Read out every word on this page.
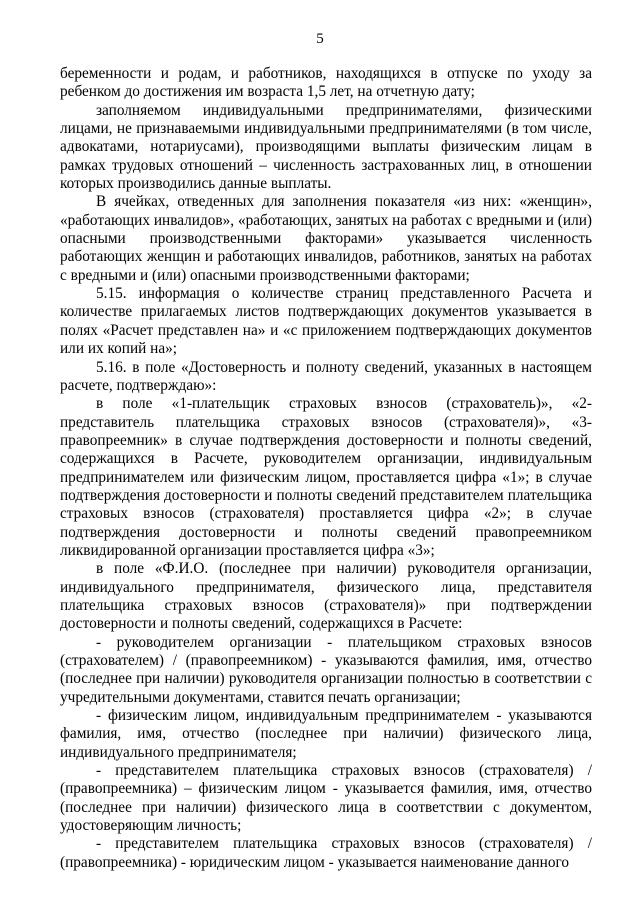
5

беременности и родам, и работников, находящихся в отпуске по уходу за ребенком до достижения им возраста 1,5 лет, на отчетную дату;

заполняемом индивидуальными предпринимателями, физическими лицами, не признаваемыми индивидуальными предпринимателями (в том числе, адвокатами, нотариусами), производящими выплаты физическим лицам в рамках трудовых отношений – численность застрахованных лиц, в отношении которых производились данные выплаты.

В ячейках, отведенных для заполнения показателя «из них: «женщин», «работающих инвалидов», «работающих, занятых на работах с вредными и (или) опасными производственными факторами» указывается численность работающих женщин и работающих инвалидов, работников, занятых на работах с вредными и (или) опасными производственными факторами;

5.15. информация о количестве страниц представленного Расчета и количестве прилагаемых листов подтверждающих документов указывается в полях «Расчет представлен на» и «с приложением подтверждающих документов или их копий на»;

5.16. в поле «Достоверность и полноту сведений, указанных в настоящем расчете, подтверждаю»:

в поле «1-плательщик страховых взносов (страхователь)», «2-представитель плательщика страховых взносов (страхователя)», «3-правопреемник» в случае подтверждения достоверности и полноты сведений, содержащихся в Расчете, руководителем организации, индивидуальным предпринимателем или физическим лицом, проставляется цифра «1»; в случае подтверждения достоверности и полноты сведений представителем плательщика страховых взносов (страхователя) проставляется цифра «2»; в случае подтверждения достоверности и полноты сведений правопреемником ликвидированной организации проставляется цифра «3»;

в поле «Ф.И.О. (последнее при наличии) руководителя организации, индивидуального предпринимателя, физического лица, представителя плательщика страховых взносов (страхователя)» при подтверждении достоверности и полноты сведений, содержащихся в Расчете:

- руководителем организации - плательщиком страховых взносов (страхователем) / (правопреемником) - указываются фамилия, имя, отчество (последнее при наличии) руководителя организации полностью в соответствии с учредительными документами, ставится печать организации;

- физическим лицом, индивидуальным предпринимателем - указываются фамилия, имя, отчество (последнее при наличии) физического лица, индивидуального предпринимателя;

- представителем плательщика страховых взносов (страхователя) / (правопреемника) – физическим лицом - указывается фамилия, имя, отчество (последнее при наличии) физического лица в соответствии с документом, удостоверяющим личность;

- представителем плательщика страховых взносов (страхователя) / (правопреемника) - юридическим лицом - указывается наименование данного
